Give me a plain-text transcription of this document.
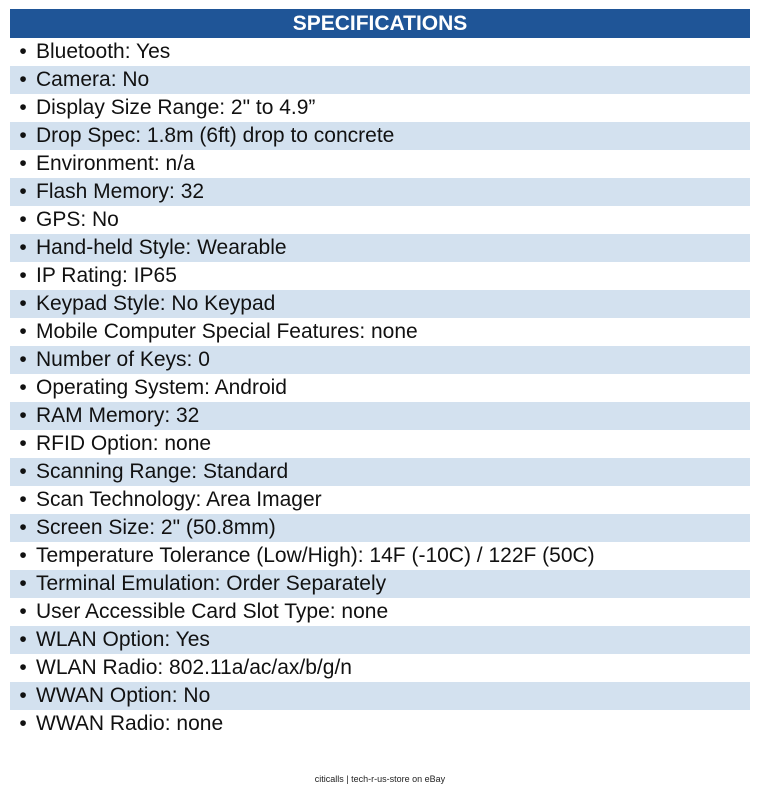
SPECIFICATIONS
• Bluetooth: Yes
• Camera: No
• Display Size Range: 2" to 4.9”
• Drop Spec: 1.8m (6ft) drop to concrete
• Environment: n/a
• Flash Memory: 32
• GPS: No
• Hand-held Style: Wearable
• IP Rating: IP65
• Keypad Style: No Keypad
• Mobile Computer Special Features: none
• Number of Keys: 0
• Operating System: Android
• RAM Memory: 32
• RFID Option: none
• Scanning Range: Standard
• Scan Technology: Area Imager
• Screen Size: 2" (50.8mm)
• Temperature Tolerance (Low/High): 14F (-10C) / 122F (50C)
• Terminal Emulation: Order Separately
• User Accessible Card Slot Type: none
• WLAN Option: Yes
• WLAN Radio: 802.11a/ac/ax/b/g/n
• WWAN Option: No
• WWAN Radio: none
citicalls | tech-r-us-store on eBay
